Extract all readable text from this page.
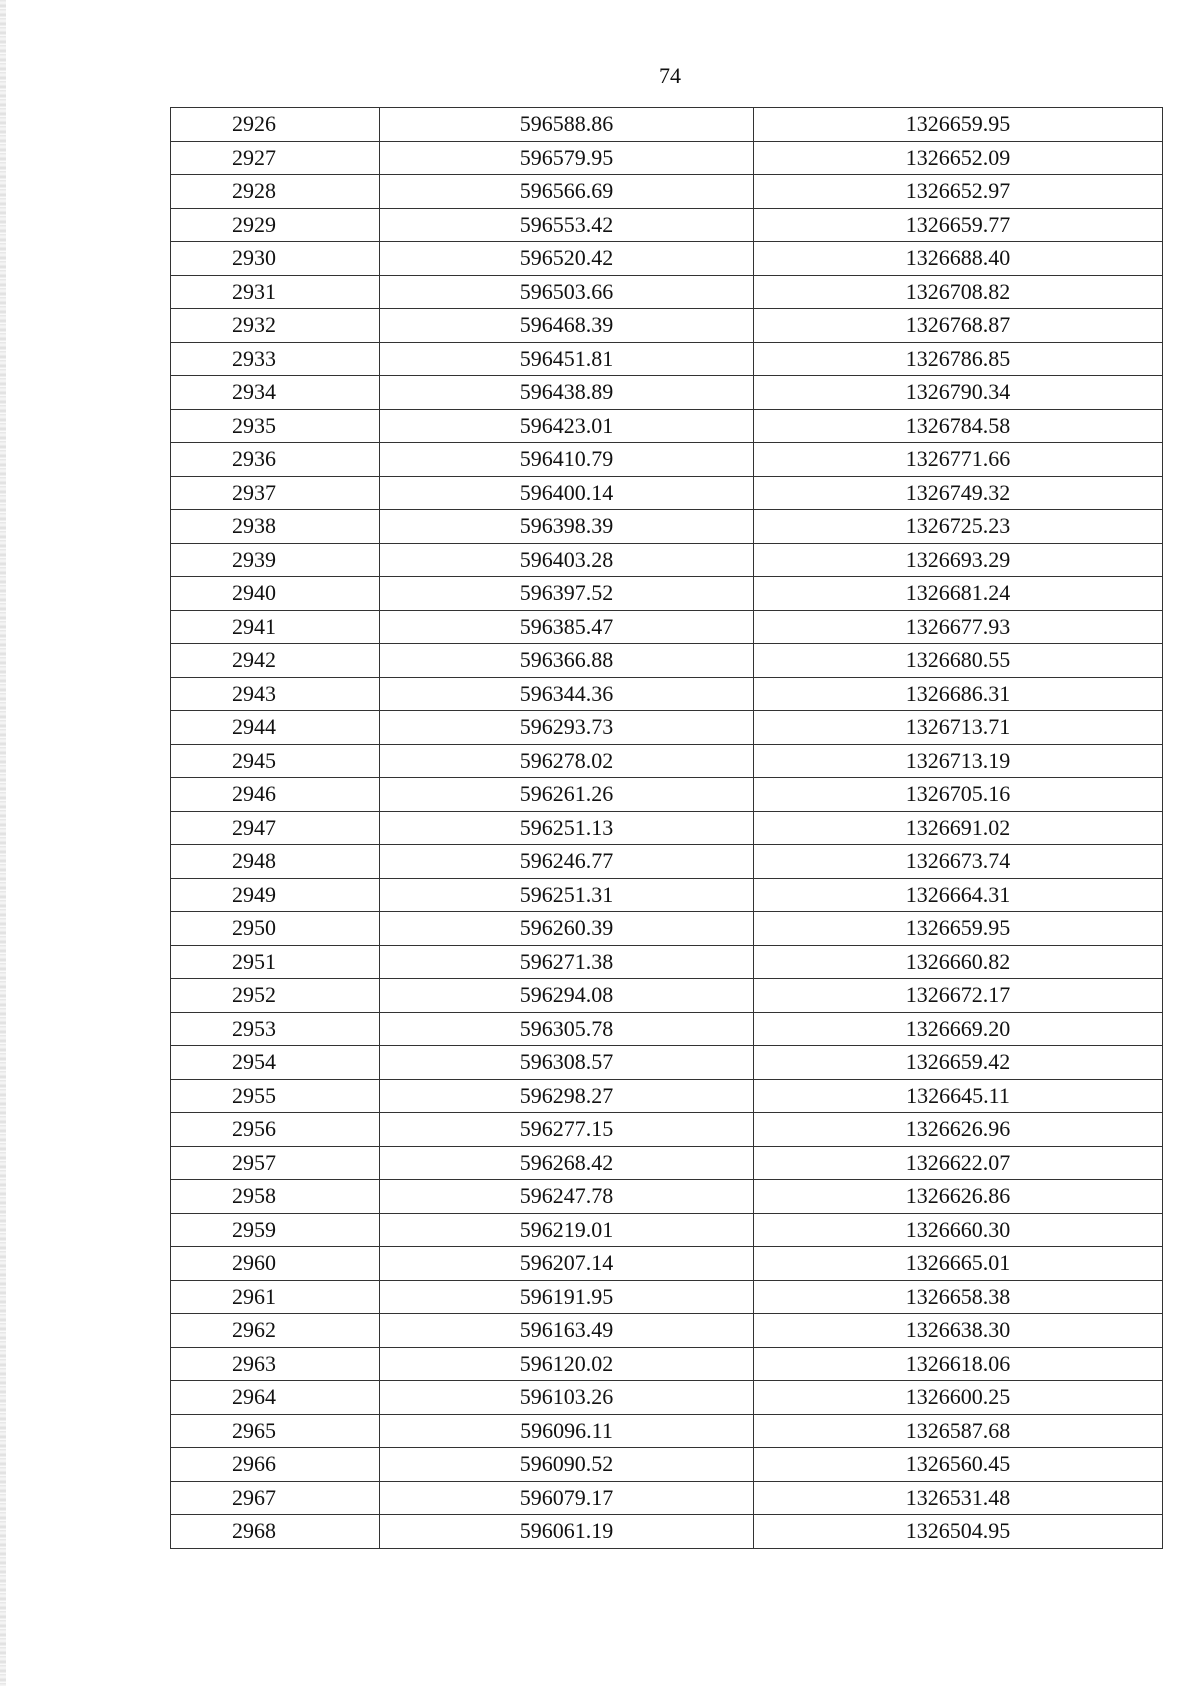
74
2926	596588.86	1326659.95
2927	596579.95	1326652.09
2928	596566.69	1326652.97
2929	596553.42	1326659.77
2930	596520.42	1326688.40
2931	596503.66	1326708.82
2932	596468.39	1326768.87
2933	596451.81	1326786.85
2934	596438.89	1326790.34
2935	596423.01	1326784.58
2936	596410.79	1326771.66
2937	596400.14	1326749.32
2938	596398.39	1326725.23
2939	596403.28	1326693.29
2940	596397.52	1326681.24
2941	596385.47	1326677.93
2942	596366.88	1326680.55
2943	596344.36	1326686.31
2944	596293.73	1326713.71
2945	596278.02	1326713.19
2946	596261.26	1326705.16
2947	596251.13	1326691.02
2948	596246.77	1326673.74
2949	596251.31	1326664.31
2950	596260.39	1326659.95
2951	596271.38	1326660.82
2952	596294.08	1326672.17
2953	596305.78	1326669.20
2954	596308.57	1326659.42
2955	596298.27	1326645.11
2956	596277.15	1326626.96
2957	596268.42	1326622.07
2958	596247.78	1326626.86
2959	596219.01	1326660.30
2960	596207.14	1326665.01
2961	596191.95	1326658.38
2962	596163.49	1326638.30
2963	596120.02	1326618.06
2964	596103.26	1326600.25
2965	596096.11	1326587.68
2966	596090.52	1326560.45
2967	596079.17	1326531.48
2968	596061.19	1326504.95
